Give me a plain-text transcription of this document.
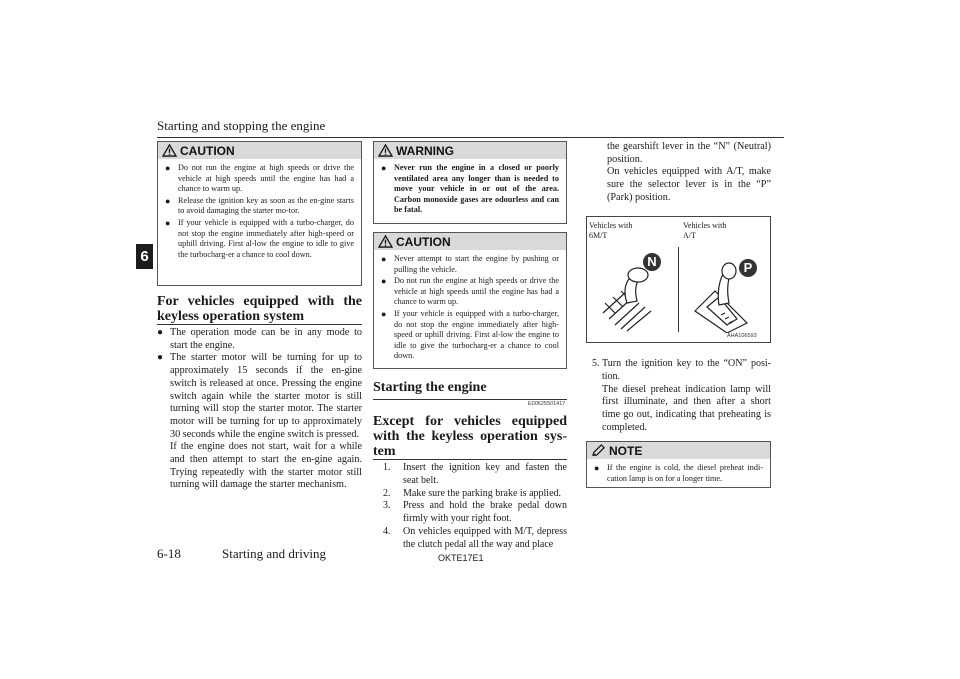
Starting and stopping the engine
6
CAUTION
● Do not run the engine at high speeds or drive the vehicle at high speeds until the engine has had a chance to warm up.
● Release the ignition key as soon as the en-gine starts to avoid damaging the starter mo-tor.
● If your vehicle is equipped with a turbo-charger, do not stop the engine immediately after high-speed or uphill driving. First al-low the engine to idle to give the turbocharg-er a chance to cool down.
For vehicles equipped with the keyless operation system
● The operation mode can be in any mode to start the engine.
● The starter motor will be turning for up to approximately 15 seconds if the en-gine switch is released at once. Pressing the engine switch again while the starter motor is still turning will stop the starter motor. The starter motor will be turning for up to approximately 30 seconds while the engine switch is pressed.
If the engine does not start, wait for a while and then attempt to start the en-gine again. Trying repeatedly with the starter motor still turning will damage the starter mechanism.
WARNING
● Never run the engine in a closed or poorly ventilated area any longer than is needed to move your vehicle in or out of the area. Carbon monoxide gases are odourless and can be fatal.
CAUTION
● Never attempt to start the engine by pushing or pulling the vehicle.
● Do not run the engine at high speeds or drive the vehicle at high speeds until the engine has had a chance to warm up.
● If your vehicle is equipped with a turbo-charger, do not stop the engine immediately after high-speed or uphill driving. First al-low the engine to idle to give the turbocharg-er a chance to cool down.
Starting the engine
E00625501417
Except for vehicles equipped with the keyless operation sys-tem
1. Insert the ignition key and fasten the seat belt.
2. Make sure the parking brake is applied.
3. Press and hold the brake pedal down firmly with your right foot.
4. On vehicles equipped with M/T, depress the clutch pedal all the way and place
the gearshift lever in the “N” (Neutral) position.
On vehicles equipped with A/T, make sure the selector lever is in the “P” (Park) position.
Vehicles with 6M/T
Vehicles with A/T
N	P
AHA106593
5. Turn the ignition key to the “ON” posi-tion.
The diesel preheat indication lamp will first illuminate, and then after a short time go out, indicating that preheating is completed.
NOTE
● If the engine is cold, the diesel preheat indi-cation lamp is on for a longer time.
6-18	Starting and driving	OKTE17E1
